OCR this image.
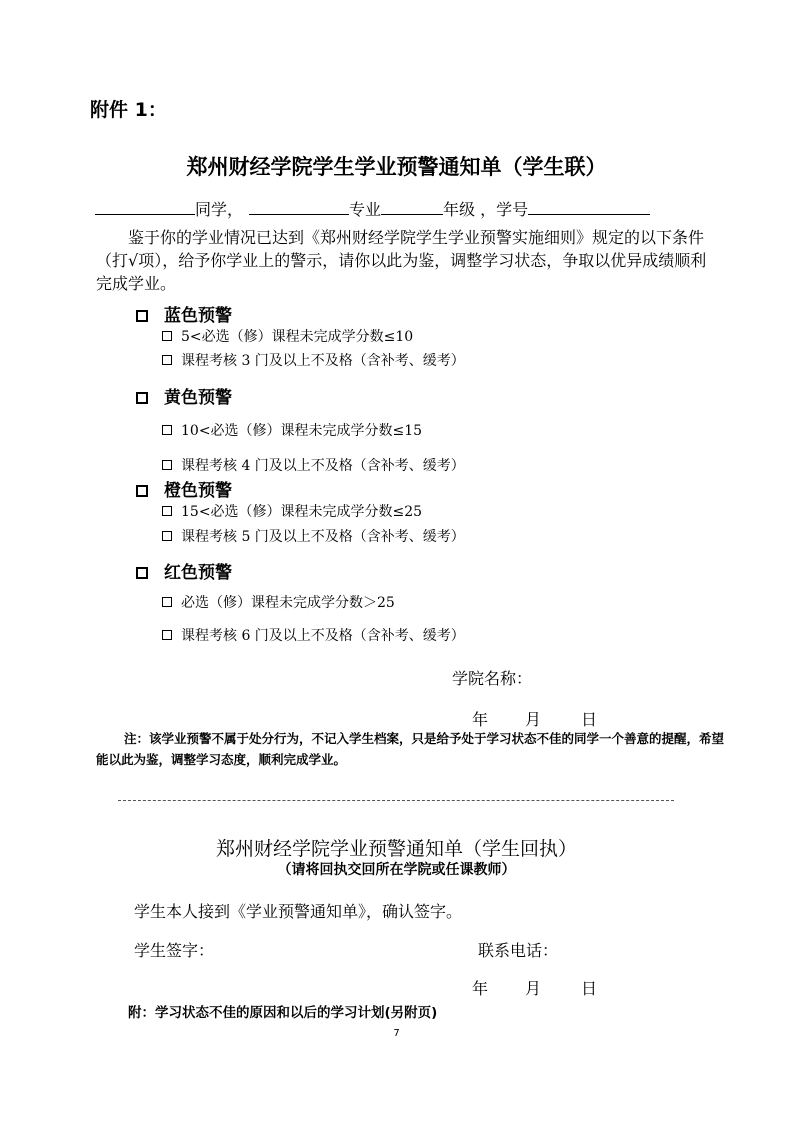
附件 1：
郑州财经学院学生学业预警通知单（学生联）
同学，	专业	年级 ，学号
鉴于你的学业情况已达到《郑州财经学院学生学业预警实施细则》规定的以下条件（打√项），给予你学业上的警示，请你以此为鉴，调整学习状态，争取以优异成绩顺利完成学业。
蓝色预警
5<必选（修）课程未完成学分数≤10
课程考核 3 门及以上不及格（含补考、缓考）
黄色预警
10<必选（修）课程未完成学分数≤15
课程考核 4 门及以上不及格（含补考、缓考）
橙色预警
15<必选（修）课程未完成学分数≤25
课程考核 5 门及以上不及格（含补考、缓考）
红色预警
必选（修）课程未完成学分数＞25
课程考核 6 门及以上不及格（含补考、缓考）
学院名称：
年 月 日
注：该学业预警不属于处分行为，不记入学生档案，只是给予处于学习状态不佳的同学一个善意的提醒，希望能以此为鉴，调整学习态度，顺利完成学业。
郑州财经学院学业预警通知单（学生回执）
（请将回执交回所在学院或任课教师）
学生本人接到《学业预警通知单》，确认签字。
学生签字：	联系电话：
年 月 日
附：学习状态不佳的原因和以后的学习计划(另附页)
7
